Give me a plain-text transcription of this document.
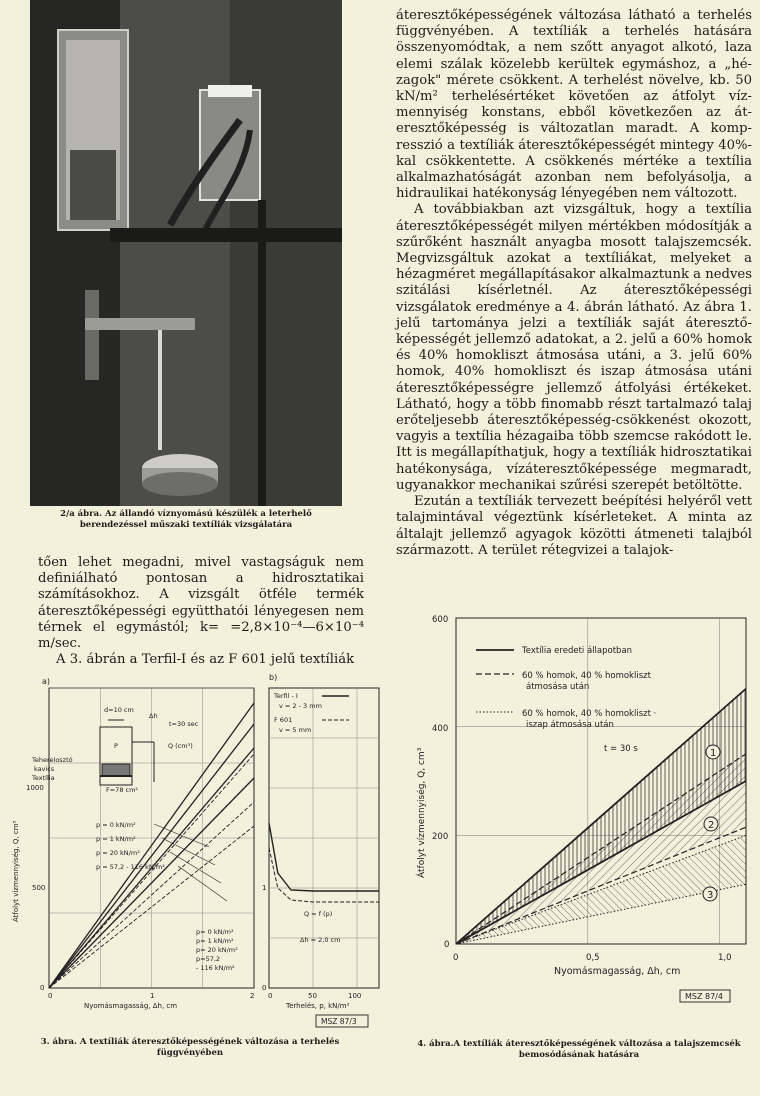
2/a ábra. Az állandó víznyomású készülék a leterhelő berendezéssel műszaki textíliák vizsgálatára

tően lehet megadni, mivel vastagságuk nem definiálható pontosan a hidrosztatikai számításokhoz. A vizsgált ötféle termék áteresztőképességi együtthatói lényegesen nem térnek el egymástól; k= =2,8×10⁻⁴—6×10⁻⁴ m/sec.

A 3. ábrán a Terfil-I és az F 601 jelű textíliák

áteresztőképességének változása látható a terhelés függvényében. A textíliák a terhelés hatására összenyomódtak, a nem szőtt anyagot alkotó, laza elemi szálak közelebb kerültek egymáshoz, a „hézagok" mérete csökkent. A terhelést növelve, kb. 50 kN/m² terhelésértéket követően az átfolyt vízmennyiség konstans, ebből következően az áteresztőképesség is változatlan maradt. A kompresszió a textíliák áteresztőképességét mintegy 40%-kal csökkentette. A csökkenés mértéke a textília alkalmazhatóságát azonban nem befolyásolja, a hidraulikai hatékonyság lényegében nem változott.

A továbbiakban azt vizsgáltuk, hogy a textília áteresztőképességét milyen mértékben módosítják a szűrőként használt anyagba mosott talajszemcsék. Megvizsgáltuk azokat a textíliákat, melyeket a hézagméret megállapításakor alkalmaztunk a nedves szitálási kísérletnél. Az áteresztőképességi vizsgálatok eredménye a 4. ábrán látható. Az ábra 1. jelű tartománya jelzi a textíliák saját áteresztőképességét jellemző adatokat, a 2. jelű a 60% homok és 40% homokliszt átmosása utáni, a 3. jelű 60% homok, 40% homokliszt és iszap átmosása utáni áteresztőképességre jellemző átfolyási értékeket. Látható, hogy a több finomabb részt tartalmazó talaj erőteljesebb áteresztőképesség-csökkenést okozott, vagyis a textília hézagaiba több szemcse rakódott le. Itt is megállapíthatjuk, hogy a textíliák hidrosztatikai hatékonysága, vízáteresztőképessége megmaradt, ugyanakkor mechanikai szűrési szerepét betöltötte.

Ezután a textíliák tervezett beépítési helyéről vett talajmintával végeztünk kísérleteket. A minta az általajt jellemző agyagok közötti átmeneti talajból származott. A terület rétegvizei a talajok-

a)	b)
d=10 cm
Δh
t=30 sec
P	Q (cm³)
Teherelosztó
kavics
Textília
F=78 cm²
p = 0 kN/m²
p = 1 kN/m²
p = 20 kN/m²
p = 57,2 - 116 kN/m²
p= 0 kN/m²
p= 1 kN/m²
p= 20 kN/m²
p=57,2
- 116 kN/m²
1000
500
0
0	1	2
Nyomásmagasság, Δh, cm
Átfolyt vízmennyiség, Q, cm³
Terfil - I
v = 2 - 3 mm
F 601
v = 5 mm
Q = f (p)
Δh = 2,0 cm
1
0
0	50	100
Terhelés, p, kN/m²
MSZ 87/3
3. ábra. A textíliák áteresztőképességének változása a terhelés függvényében
Textília eredeti állapotban
60 % homok, 40 % homokliszt
átmosása után
60 % homok, 40 % homokliszt ·
iszap átmosása után
t = 30 s	1
2
3
600
400
200
0
0	0,5	1,0
Nyomásmagasság, Δh, cm
Átfolyt vízmennyiség, Q, cm³
MSZ 87/4
4. ábra.A textíliák áteresztőképességének változása a talajszemcsék bemosódásának hatására
